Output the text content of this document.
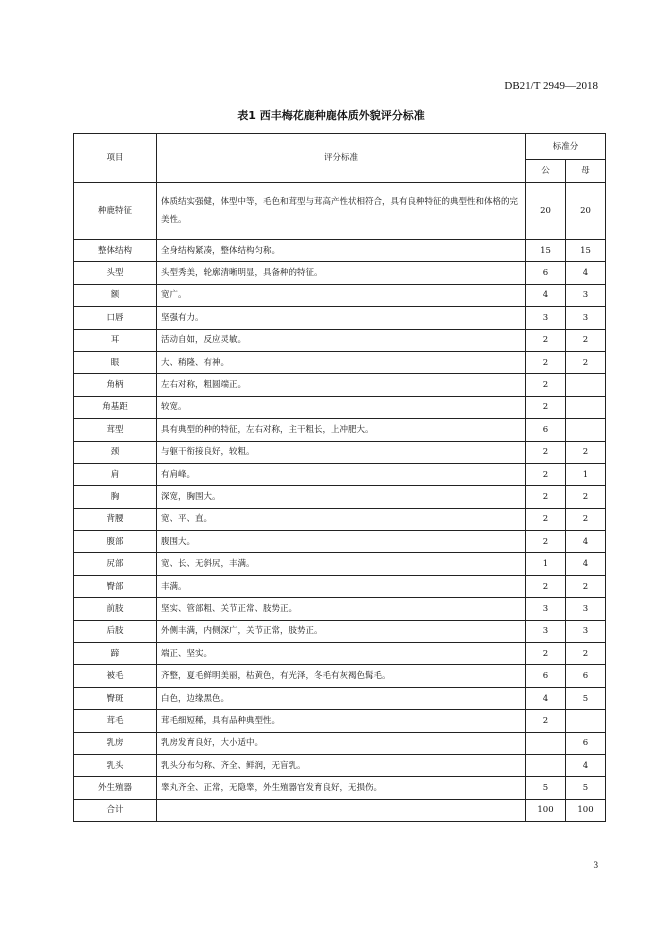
DB21/T 2949—2018
表1 西丰梅花鹿种鹿体质外貌评分标准
项目	评分标准	标准分	
		公	母
种鹿特征	体质结实强健，体型中等，毛色和茸型与茸高产性状相符合，具有良种特征的典型性和体格的完美性。	20	20
整体结构	全身结构紧凑，整体结构匀称。	15	15
头型	头型秀美，轮廓清晰明显，具备种的特征。	6	4
额	宽广。	4	3
口唇	坚强有力。	3	3
耳	活动自如，反应灵敏。	2	2
眼	大、稍隆、有神。	2	2
角柄	左右对称，粗圆端正。	2	
角基距	较宽。	2	
茸型	具有典型的种的特征，左右对称，主干粗长，上冲肥大。	6	
颈	与躯干衔接良好，较粗。	2	2
肩	有肩峰。	2	1
胸	深宽，胸围大。	2	2
背腰	宽、平、直。	2	2
腹部	腹围大。	2	4
尻部	宽、长、无斜尻，丰满。	1	4
臀部	丰满。	2	2
前肢	坚实、管部粗、关节正常、肢势正。	3	3
后肢	外侧丰满，内侧深广，关节正常，肢势正。	3	3
蹄	端正、坚实。	2	2
被毛	齐整，夏毛鲜明美丽，枯黄色，有光泽，冬毛有灰褐色髯毛。	6	6
臀斑	白色，边缘黑色。	4	5
茸毛	茸毛细短稀，具有品种典型性。	2	
乳房	乳房发育良好，大小适中。		6
乳头	乳头分布匀称、齐全、鲜润，无盲乳。		4
外生殖器	睾丸齐全、正常，无隐睾，外生殖器官发育良好，无损伤。	5	5
合计		100	100
3
